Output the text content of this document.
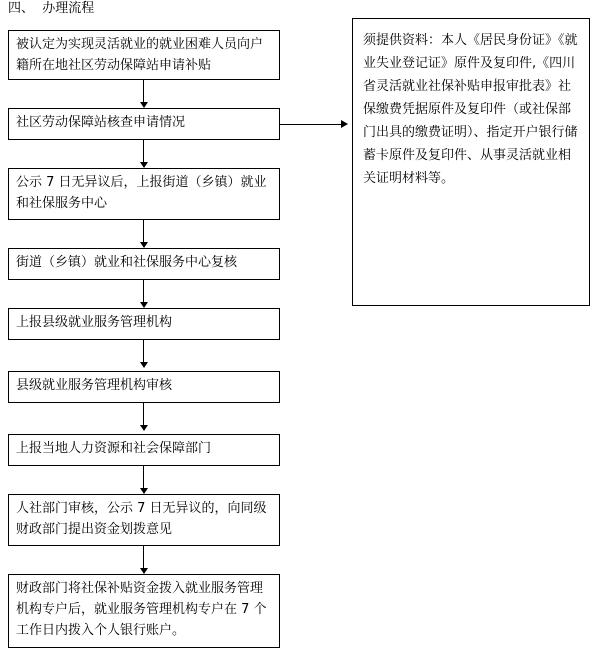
四、  办理流程
被认定为实现灵活就业的就业困难人员向户籍所在地社区劳动保障站申请补贴
社区劳动保障站核查申请情况
公示 7 日无异议后，上报街道（乡镇）就业和社保服务中心
街道（乡镇）就业和社保服务中心复核
上报县级就业服务管理机构
县级就业服务管理机构审核
上报当地人力资源和社会保障部门
人社部门审核，公示 7 日无异议的，向同级财政部门提出资金划拨意见
财政部门将社保补贴资金拨入就业服务管理机构专户后，就业服务管理机构专户在 7 个工作日内拨入个人银行账户。
须提供资料：本人《居民身份证》《就业失业登记证》原件及复印件,《四川省灵活就业社保补贴申报审批表》社保缴费凭据原件及复印件（或社保部门出具的缴费证明）、指定开户银行储蓄卡原件及复印件、从事灵活就业相关证明材料等。
